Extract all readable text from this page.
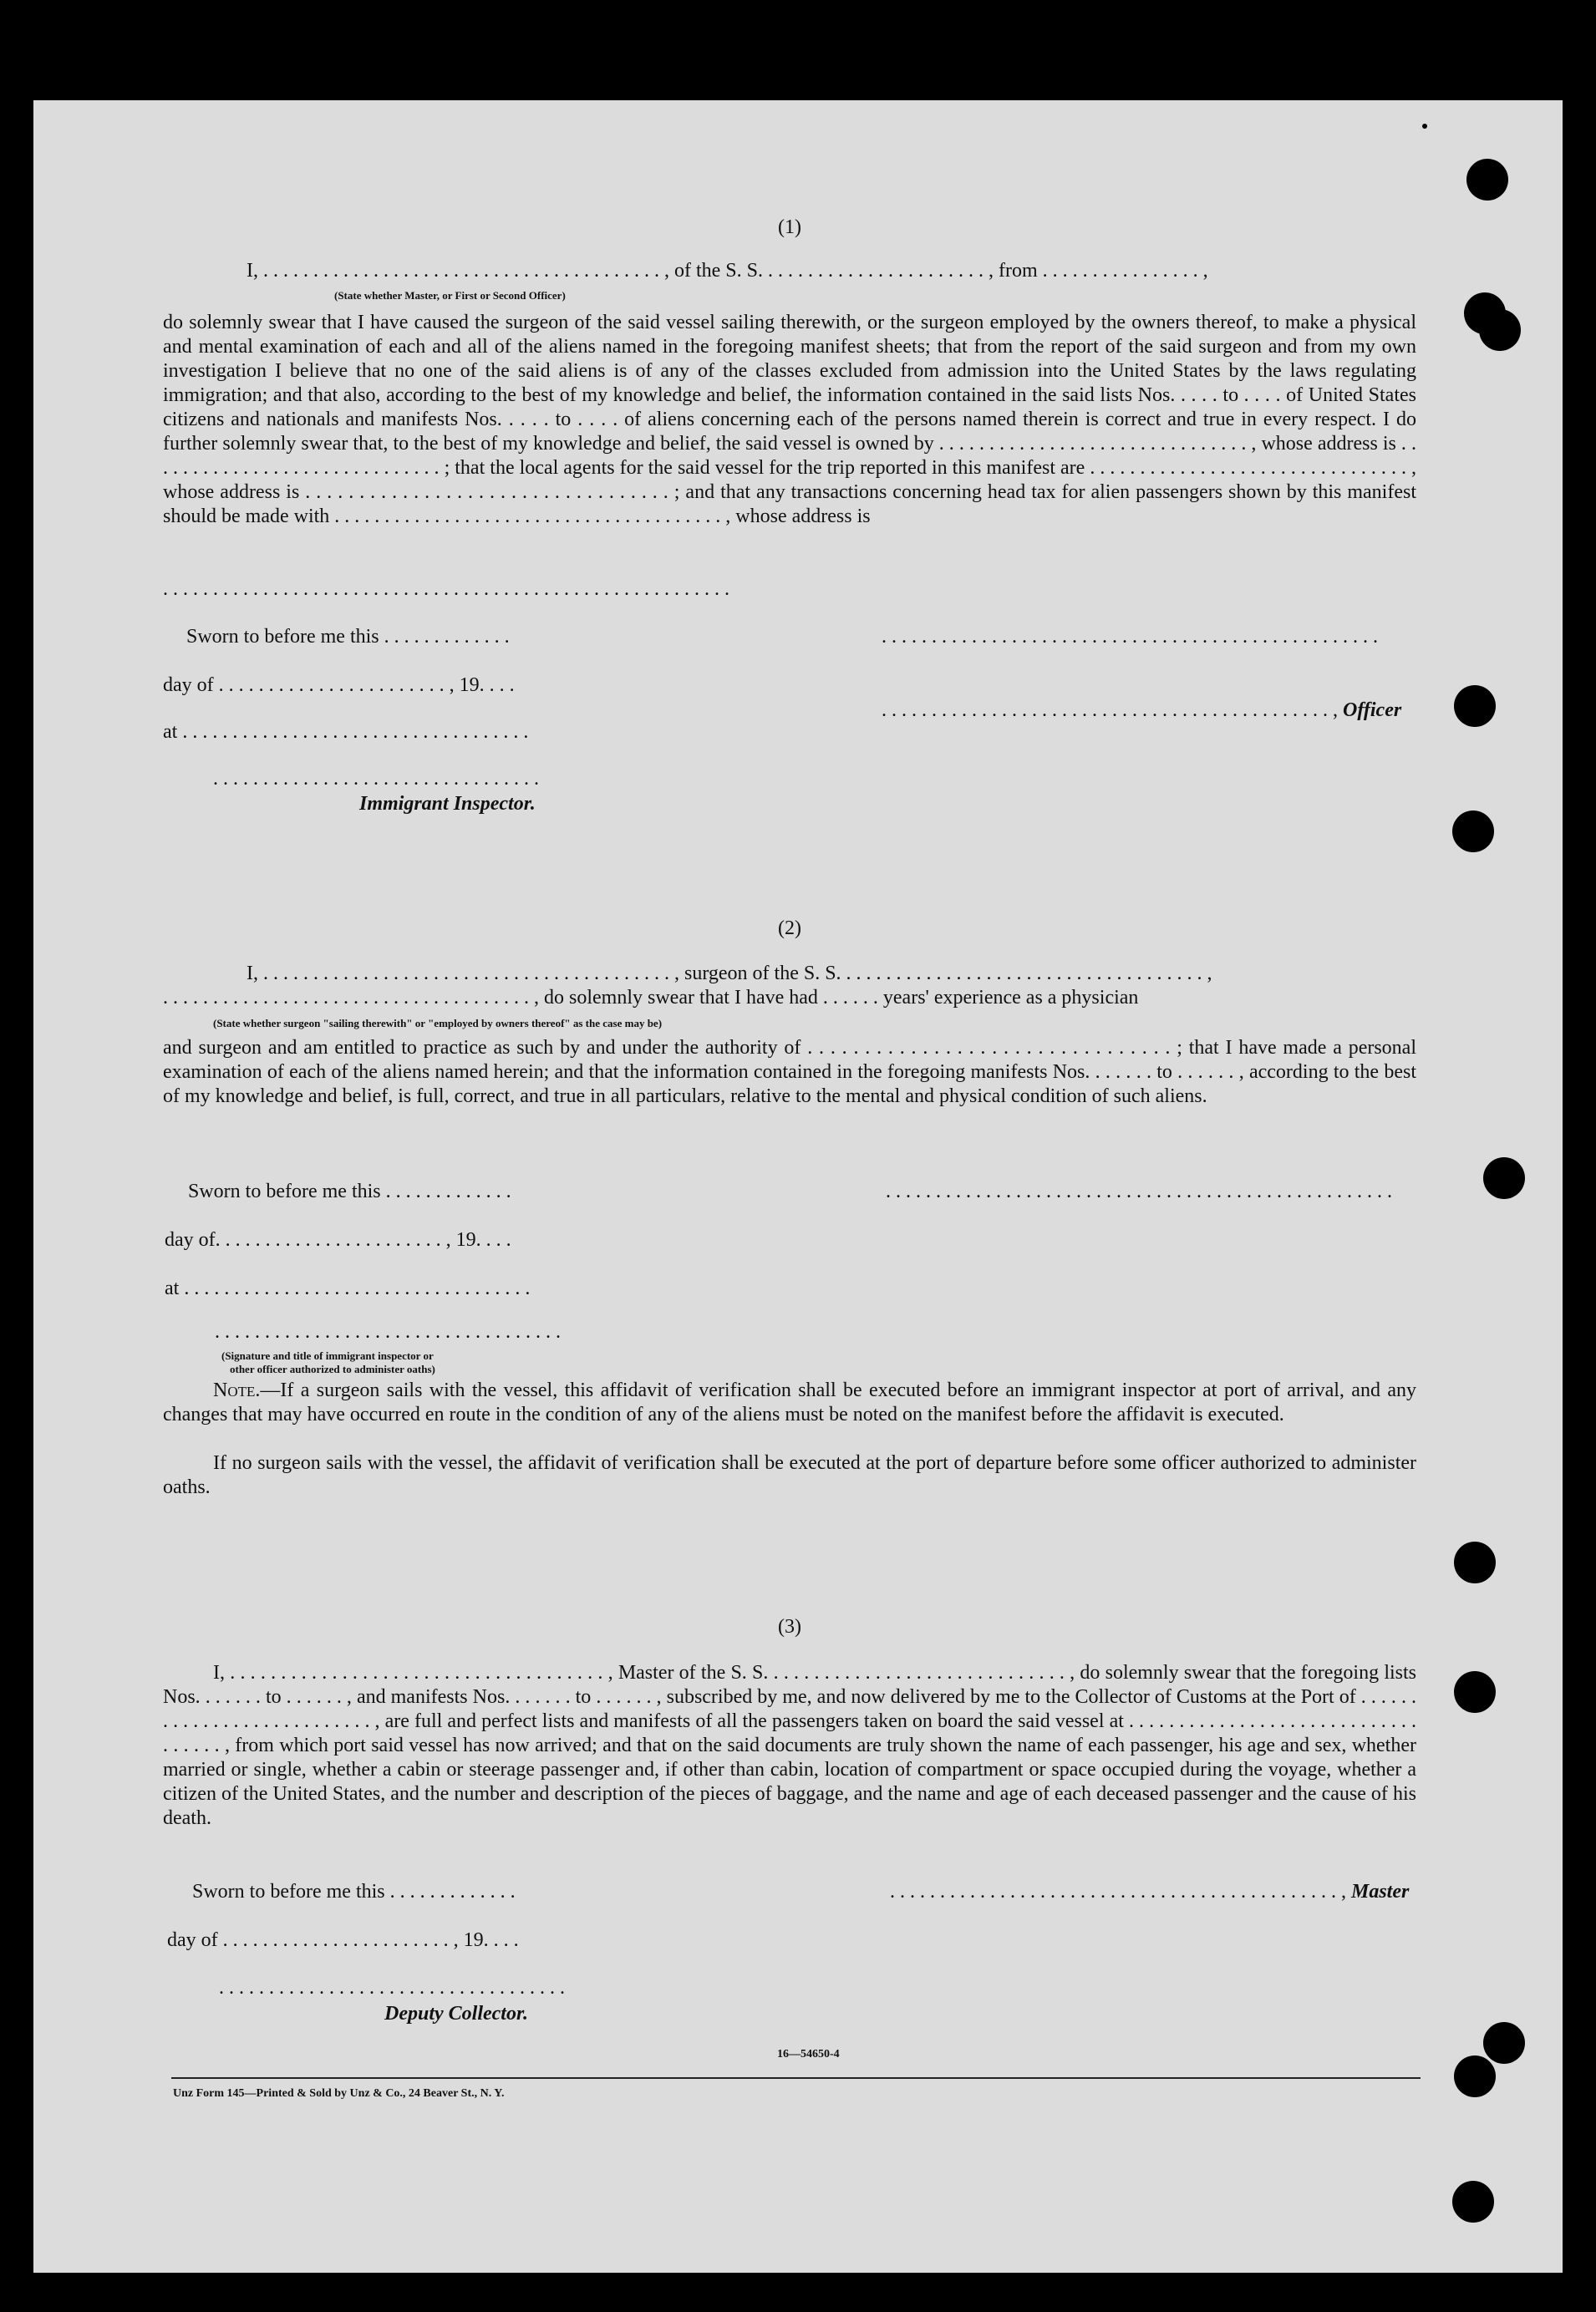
(1)
I, . . . . . . . . . . . . . . . . . . . . . . . . . . . . . . . . . . . . . . . . , of the S. S. . . . . . . . . . . . . . . . . . . . . . . , from . . . . . . . . . . . . . . . . ,
(State whether Master, or First or Second Officer)
do solemnly swear that I have caused the surgeon of the said vessel sailing therewith, or the surgeon employed by the owners thereof, to make a physical and mental examination of each and all of the aliens named in the foregoing manifest sheets; that from the report of the said surgeon and from my own investigation I believe that no one of the said aliens is of any of the classes excluded from admission into the United States by the laws regulating immigration; and that also, according to the best of my knowledge and belief, the information contained in the said lists Nos. . . . . to . . . . of United States citizens and nationals and manifests Nos. . . . . to . . . . of aliens concerning each of the persons named therein is correct and true in every respect. I do further solemnly swear that, to the best of my knowledge and belief, the said vessel is owned by . . . . . . . . . . . . . . . . . . . . . . . . . . . . . . . , whose address is . . . . . . . . . . . . . . . . . . . . . . . . . . . . . . ; that the local agents for the said vessel for the trip reported in this manifest are . . . . . . . . . . . . . . . . . . . . . . . . . . . . . . . . , whose address is . . . . . . . . . . . . . . . . . . . . . . . . . . . . . . . . . . ; and that any transactions concerning head tax for alien passengers shown by this manifest should be made with . . . . . . . . . . . . . . . . . . . . . . . . . . . . . . . . . . . . . . . , whose address is
. . . . . . . . . . . . . . . . . . . . . . . . . . . . . . . . . . . . . . . . . . . . . . . . . . . . . . . . .
Sworn to before me this . . . . . . . . . . . . .	. . . . . . . . . . . . . . . . . . . . . . . . . . . . . . . . . . . . . . . . . . . . . . . . . .
day of . . . . . . . . . . . . . . . . . . . . . . . , 19. . . .
. . . . . . . . . . . . . . . . . . . . . . . . . . . . . . . . . . . . . . . . . . . . . , Officer
at . . . . . . . . . . . . . . . . . . . . . . . . . . . . . . . . . . .
. . . . . . . . . . . . . . . . . . . . . . . . . . . . . . . . .
Immigrant Inspector.
(2)
I, . . . . . . . . . . . . . . . . . . . . . . . . . . . . . . . . . . . . . . . . . , surgeon of the S. S. . . . . . . . . . . . . . . . . . . . . . . . . . . . . . . . . . . . . ,
. . . . . . . . . . . . . . . . . . . . . . . . . . . . . . . . . . . . . , do solemnly swear that I have had . . . . . . years' experience as a physician
(State whether surgeon "sailing therewith" or "employed by owners thereof" as the case may be)
and surgeon and am entitled to practice as such by and under the authority of . . . . . . . . . . . . . . . . . . . . . . . . . . . . . . . . ; that I have made a personal examination of each of the aliens named herein; and that the information contained in the foregoing manifests Nos. . . . . . . to . . . . . . , according to the best of my knowledge and belief, is full, correct, and true in all particulars, relative to the mental and physical condition of such aliens.
Sworn to before me this . . . . . . . . . . . . .	. . . . . . . . . . . . . . . . . . . . . . . . . . . . . . . . . . . . . . . . . . . . . . . . . . .
day of. . . . . . . . . . . . . . . . . . . . . . . , 19. . . .
at . . . . . . . . . . . . . . . . . . . . . . . . . . . . . . . . . . .
. . . . . . . . . . . . . . . . . . . . . . . . . . . . . . . . . . .
(Signature and title of immigrant inspector or
other officer authorized to administer oaths)
Note.—If a surgeon sails with the vessel, this affidavit of verification shall be executed before an immigrant inspector at port of arrival, and any changes that may have occurred en route in the condition of any of the aliens must be noted on the manifest before the affidavit is executed.
If no surgeon sails with the vessel, the affidavit of verification shall be executed at the port of departure before some officer authorized to administer oaths.
(3)
I, . . . . . . . . . . . . . . . . . . . . . . . . . . . . . . . . . . . . . , Master of the S. S. . . . . . . . . . . . . . . . . . . . . . . . . . . . . . , do solemnly swear that the foregoing lists Nos. . . . . . . to . . . . . . , and manifests Nos. . . . . . . to . . . . . . , subscribed by me, and now delivered by me to the Collector of Customs at the Port of . . . . . . . . . . . . . . . . . . . . . . . . . . . , are full and perfect lists and manifests of all the passengers taken on board the said vessel at . . . . . . . . . . . . . . . . . . . . . . . . . . . . . . . . . . . , from which port said vessel has now arrived; and that on the said documents are truly shown the name of each passenger, his age and sex, whether married or single, whether a cabin or steerage passenger and, if other than cabin, location of compartment or space occupied during the voyage, whether a citizen of the United States, and the number and description of the pieces of baggage, and the name and age of each deceased passenger and the cause of his death.
Sworn to before me this . . . . . . . . . . . . .	. . . . . . . . . . . . . . . . . . . . . . . . . . . . . . . . . . . . . . . . . . . . . , Master
day of . . . . . . . . . . . . . . . . . . . . . . . , 19. . . .
. . . . . . . . . . . . . . . . . . . . . . . . . . . . . . . . . . .
Deputy Collector.
16—54650-4
Unz Form 145—Printed & Sold by Unz & Co., 24 Beaver St., N. Y.
